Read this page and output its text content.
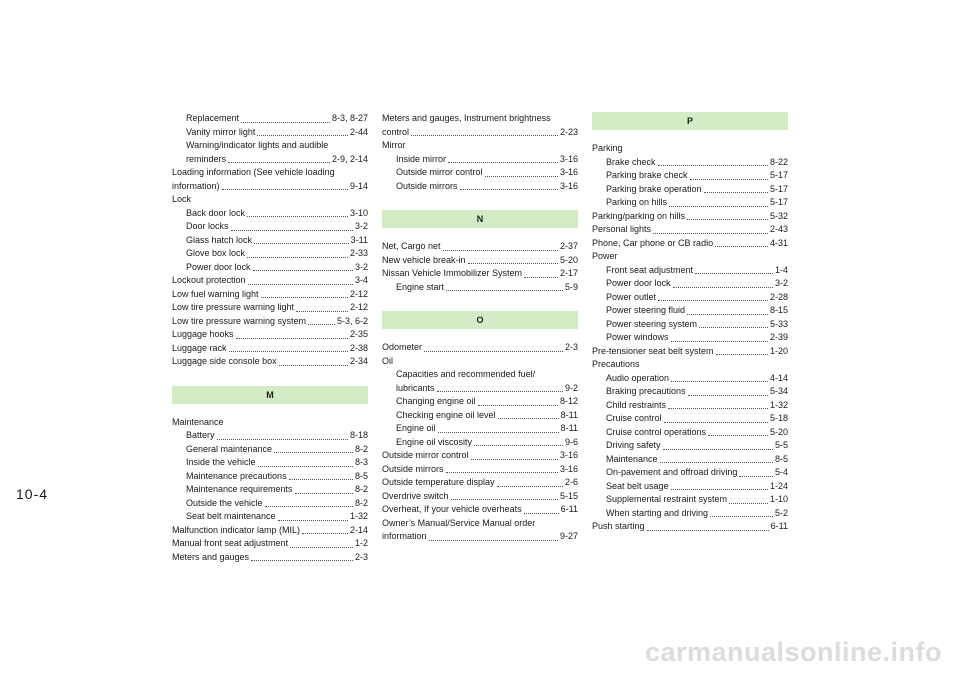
Replacement	8-3, 8-27
Vanity mirror light	2-44
Warning/indicator lights and audible
reminders	2-9, 2-14
Loading information (See vehicle loading
information)	9-14
Lock
Back door lock	3-10
Door locks	3-2
Glass hatch lock	3-11
Glove box lock	2-33
Power door lock	3-2
Lockout protection	3-4
Low fuel warning light	2-12
Low tire pressure warning light	2-12
Low tire pressure warning system	5-3, 6-2
Luggage hooks	2-35
Luggage rack	2-38
Luggage side console box	2-34
M
Maintenance
Battery	8-18
General maintenance	8-2
Inside the vehicle	8-3
Maintenance precautions	8-5
Maintenance requirements	8-2
Outside the vehicle	8-2
Seat belt maintenance	1-32
Malfunction indicator lamp (MIL)	2-14
Manual front seat adjustment	1-2
Meters and gauges	2-3
Meters and gauges, Instrument brightness
control	2-23
Mirror
Inside mirror	3-16
Outside mirror control	3-16
Outside mirrors	3-16
N
Net, Cargo net	2-37
New vehicle break-in	5-20
Nissan Vehicle Immobilizer System	2-17
Engine start	5-9
O
Odometer	2-3
Oil
Capacities and recommended fuel/
lubricants	9-2
Changing engine oil	8-12
Checking engine oil level	8-11
Engine oil	8-11
Engine oil viscosity	9-6
Outside mirror control	3-16
Outside mirrors	3-16
Outside temperature display	2-6
Overdrive switch	5-15
Overheat, If your vehicle overheats	6-11
Owner’s Manual/Service Manual order
information	9-27
P
Parking
Brake check	8-22
Parking brake check	5-17
Parking brake operation	5-17
Parking on hills	5-17
Parking/parking on hills	5-32
Personal lights	2-43
Phone, Car phone or CB radio	4-31
Power
Front seat adjustment	1-4
Power door lock	3-2
Power outlet	2-28
Power steering fluid	8-15
Power steering system	5-33
Power windows	2-39
Pre-tensioner seat belt system	1-20
Precautions
Audio operation	4-14
Braking precautions	5-34
Child restraints	1-32
Cruise control	5-18
Cruise control operations	5-20
Driving safety	5-5
Maintenance	8-5
On-pavement and offroad driving	5-4
Seat belt usage	1-24
Supplemental restraint system	1-10
When starting and driving	5-2
Push starting	6-11
10-4
carmanualsonline.info
